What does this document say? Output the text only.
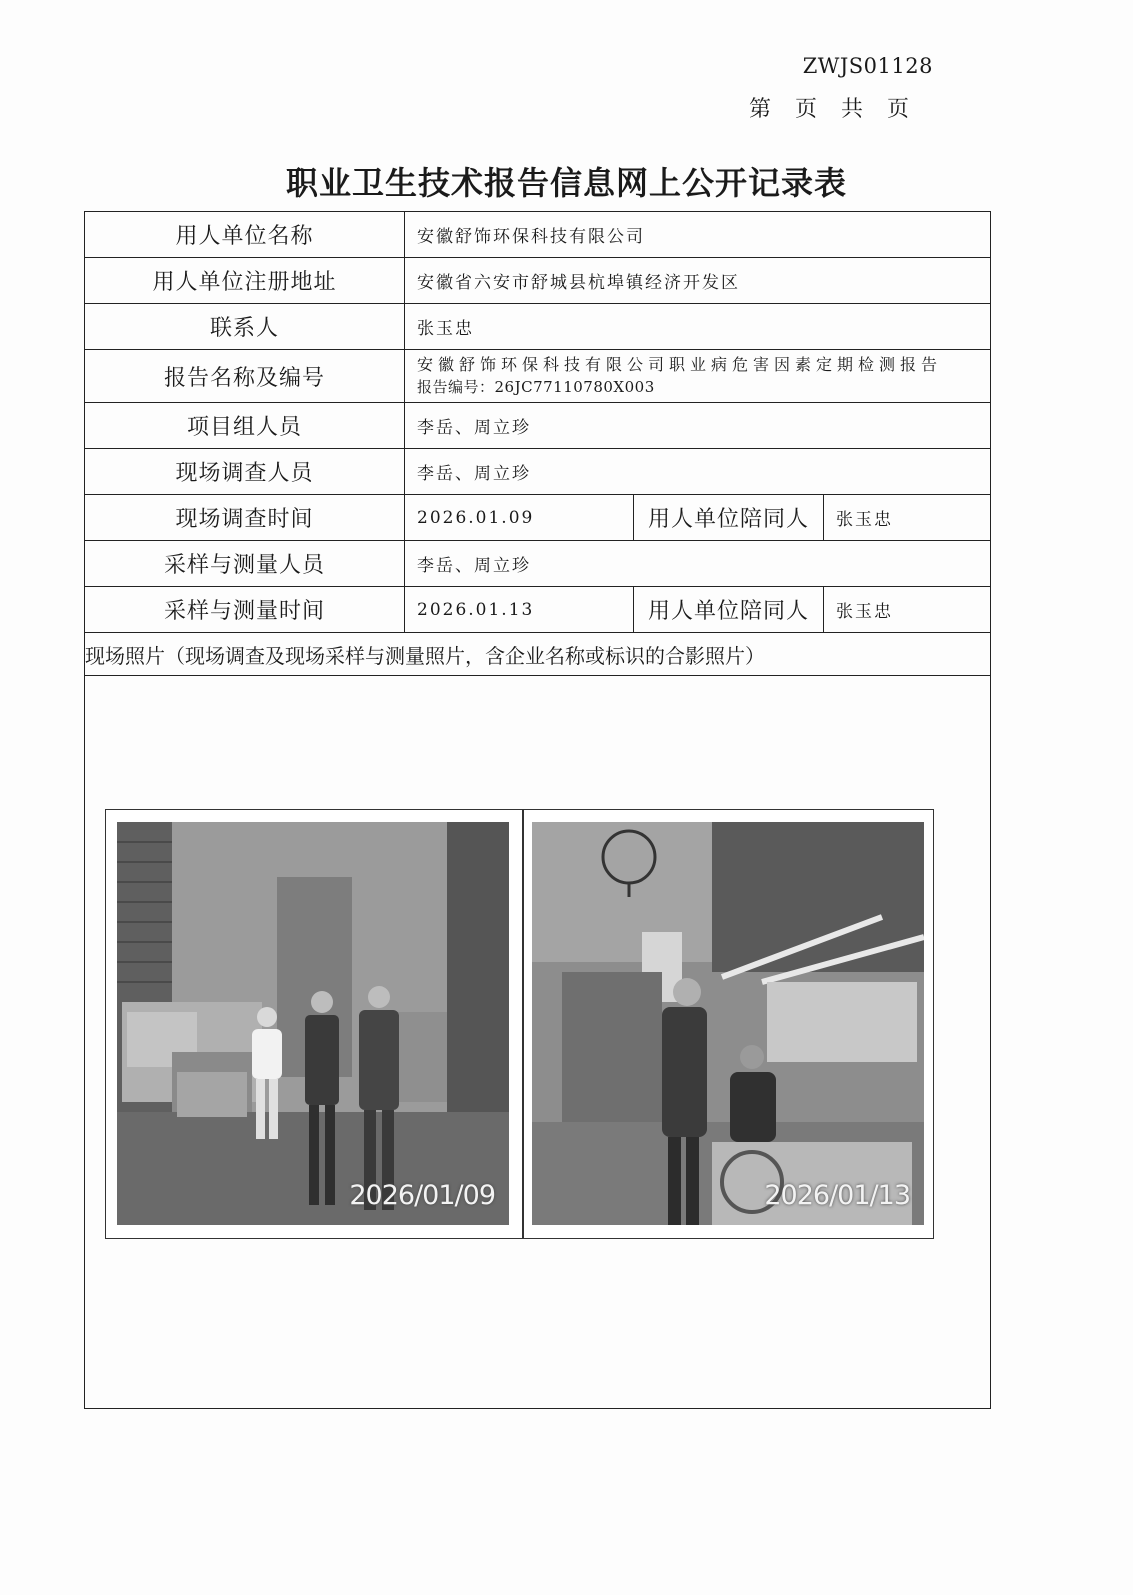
ZWJS01128
第页共页
职业卫生技术报告信息网上公开记录表
用人单位名称	安徽舒饰环保科技有限公司		
用人单位注册地址	安徽省六安市舒城县杭埠镇经济开发区		
联系人	张玉忠		
报告名称及编号	安徽舒饰环保科技有限公司职业病危害因素定期检测报告
报告编号：26JC77110780X003		

项目组人员	李岳、周立珍		
现场调查人员	李岳、周立珍		
现场调查时间	2026.01.09	用人单位陪同人	张玉忠
采样与测量人员	李岳、周立珍		
采样与测量时间	2026.01.13	用人单位陪同人	张玉忠
现场照片（现场调查及现场采样与测量照片，含企业名称或标识的合影照片）			

2026/01/09 2026/01/13			
